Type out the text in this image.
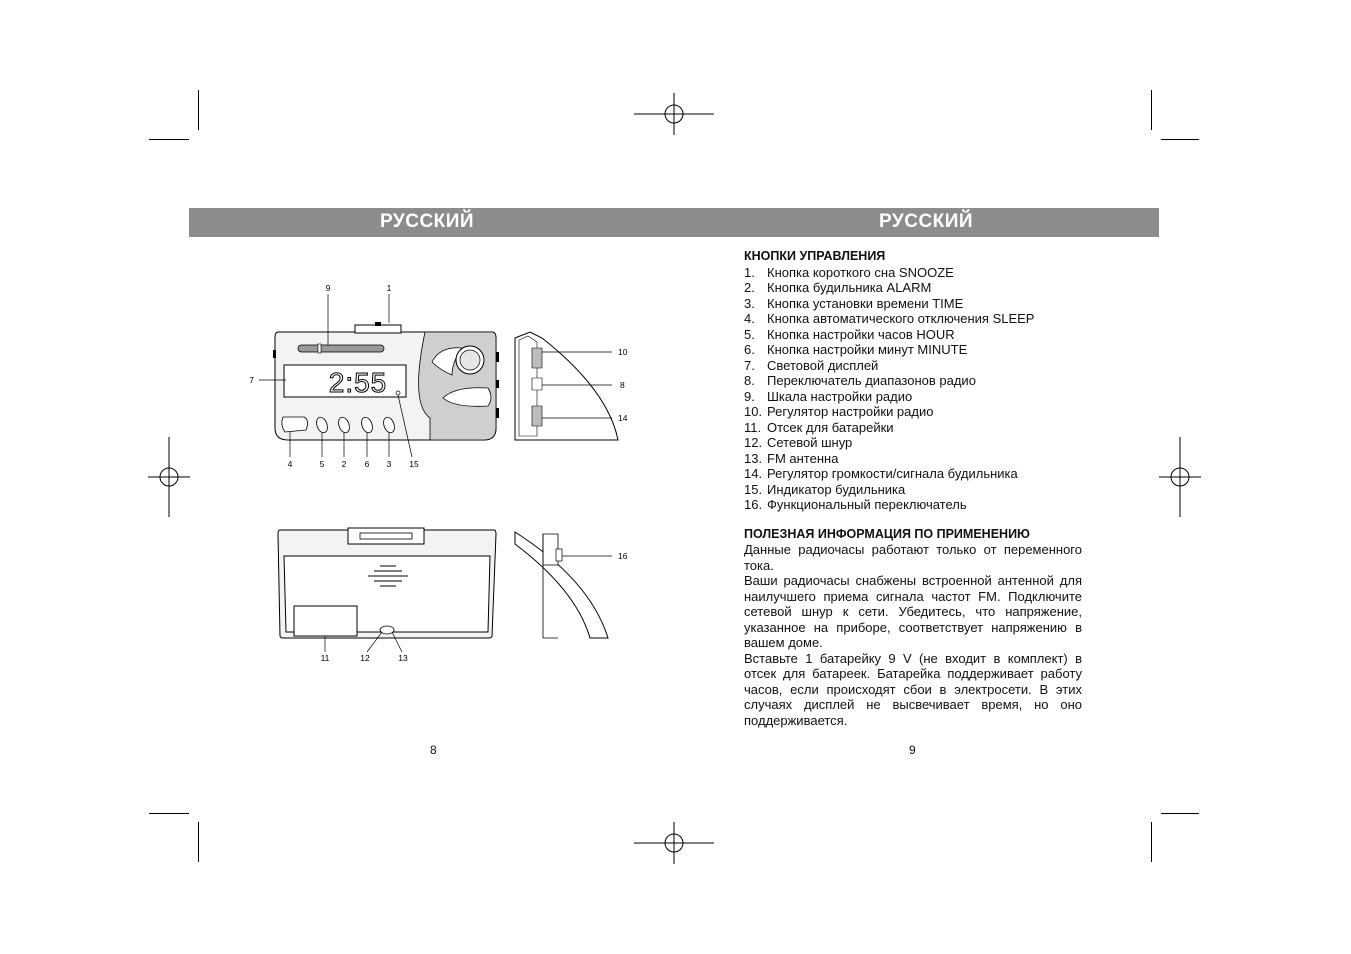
РУССКИЙ	РУССКИЙ
2:55
9	1
7
10
8
14
4	5 2 6 3 15
16
11	12	13
8
КНОПКИ УПРАВЛЕНИЯ
1. Кнопка короткого сна SNOOZE
2. Кнопка будильника ALARM
3. Кнопка установки времени TIME
4. Кнопка автоматического отключения SLEEP
5. Кнопка настройки часов HOUR
6. Кнопка настройки минут MINUTE
7. Световой дисплей
8. Переключатель диапазонов радио
9. Шкала настройки радио
10. Регулятор настройки радио
11. Отсек для батарейки
12. Сетевой шнур
13. FM антенна
14. Регулятор громкости/сигнала будильника
15. Индикатор будильника
16. Функциональный переключатель
ПОЛЕЗНАЯ ИНФОРМАЦИЯ ПО ПРИМЕНЕНИЮ

Данные радиочасы работают только от переменного тока.

Ваши радиочасы снабжены встроенной антенной для наилучшего приема сигнала частот FM. Подключите сетевой шнур к сети. Убедитесь, что напряжение, указанное на приборе, соответствует напряжению в вашем доме.

Вставьте 1 батарейку 9 V (не входит в комплект) в отсек для батареек. Батарейка поддерживает работу часов, если происходят сбои в электросети. В этих случаях дисплей не высвечивает время, но оно поддерживается.

9
